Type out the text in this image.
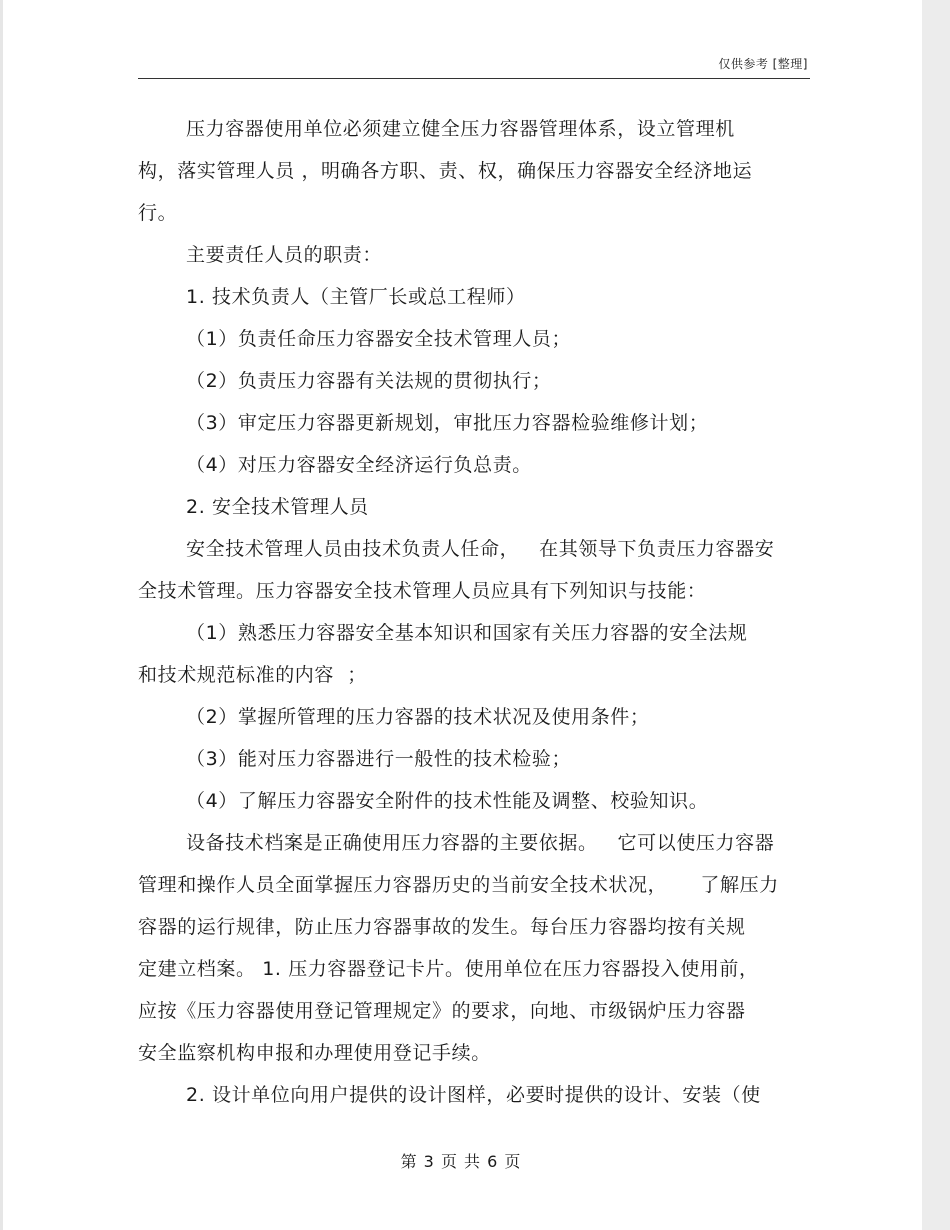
仅供参考 [整理]
压力容器使用单位必须建立健全压力容器管理体系，设立管理机
构，落实管理人员 ，明确各方职、责、权，确保压力容器安全经济地运
行。
主要责任人员的职责：
1. 技术负责人（主管厂长或总工程师）
（1）负责任命压力容器安全技术管理人员；
（2）负责压力容器有关法规的贯彻执行；
（3）审定压力容器更新规划，审批压力容器检验维修计划；
（4）对压力容器安全经济运行负总责。
2. 安全技术管理人员
安全技术管理人员由技术负责人任命，   在其领导下负责压力容器安
全技术管理。压力容器安全技术管理人员应具有下列知识与技能：
（1）熟悉压力容器安全基本知识和国家有关压力容器的安全法规
和技术规范标准的内容  ；
（2）掌握所管理的压力容器的技术状况及使用条件；
（3）能对压力容器进行一般性的技术检验；
（4）了解压力容器安全附件的技术性能及调整、校验知识。
设备技术档案是正确使用压力容器的主要依据。   它可以使压力容器
管理和操作人员全面掌握压力容器历史的当前安全技术状况，     了解压力
容器的运行规律，防止压力容器事故的发生。每台压力容器均按有关规
定建立档案。 1. 压力容器登记卡片。使用单位在压力容器投入使用前，
应按《压力容器使用登记管理规定》的要求，向地、市级锅炉压力容器
安全监察机构申报和办理使用登记手续。
2. 设计单位向用户提供的设计图样，必要时提供的设计、安装（使
第 3 页 共 6 页
